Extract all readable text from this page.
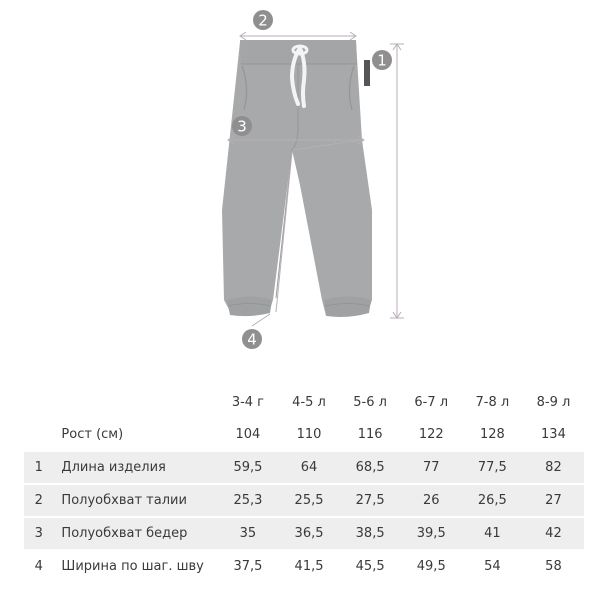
1
2
3
4
		3-4 г	4-5 л	5-6 л	6-7 л	7-8 л	8-9 л
	Рост (см)	104	110	116	122	128	134
1	Длина изделия	59,5	64	68,5	77	77,5	82
2	Полуобхват талии	25,3	25,5	27,5	26	26,5	27
3	Полуобхват бедер	35	36,5	38,5	39,5	41	42
4	Ширина по шаг. шву	37,5	41,5	45,5	49,5	54	58
